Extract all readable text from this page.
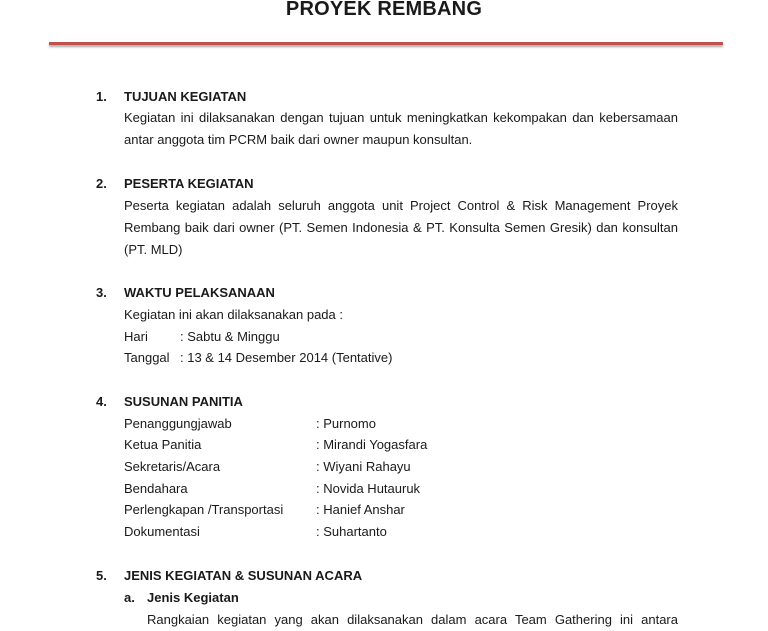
PROYEK REMBANG
1. TUJUAN KEGIATAN
Kegiatan ini dilaksanakan dengan tujuan untuk meningkatkan kekompakan dan kebersamaan antar anggota tim PCRM baik dari owner maupun konsultan.
2. PESERTA KEGIATAN
Peserta kegiatan adalah seluruh anggota unit Project Control & Risk Management Proyek Rembang baik dari owner (PT. Semen Indonesia & PT. Konsulta Semen Gresik) dan konsultan (PT. MLD)
3. WAKTU PELAKSANAAN
Kegiatan ini akan dilaksanakan pada :
Hari : Sabtu & Minggu
Tanggal : 13 & 14 Desember 2014 (Tentative)
4. SUSUNAN PANITIA
Penanggungjawab	: Purnomo
Ketua Panitia	: Mirandi Yogasfara
Sekretaris/Acara	: Wiyani Rahayu
Bendahara	: Novida Hutauruk
Perlengkapan /Transportasi	: Hanief Anshar
Dokumentasi	: Suhartanto
5. JENIS KEGIATAN & SUSUNAN ACARA
a. Jenis Kegiatan
Rangkaian kegiatan yang akan dilaksanakan dalam acara Team Gathering ini antara
